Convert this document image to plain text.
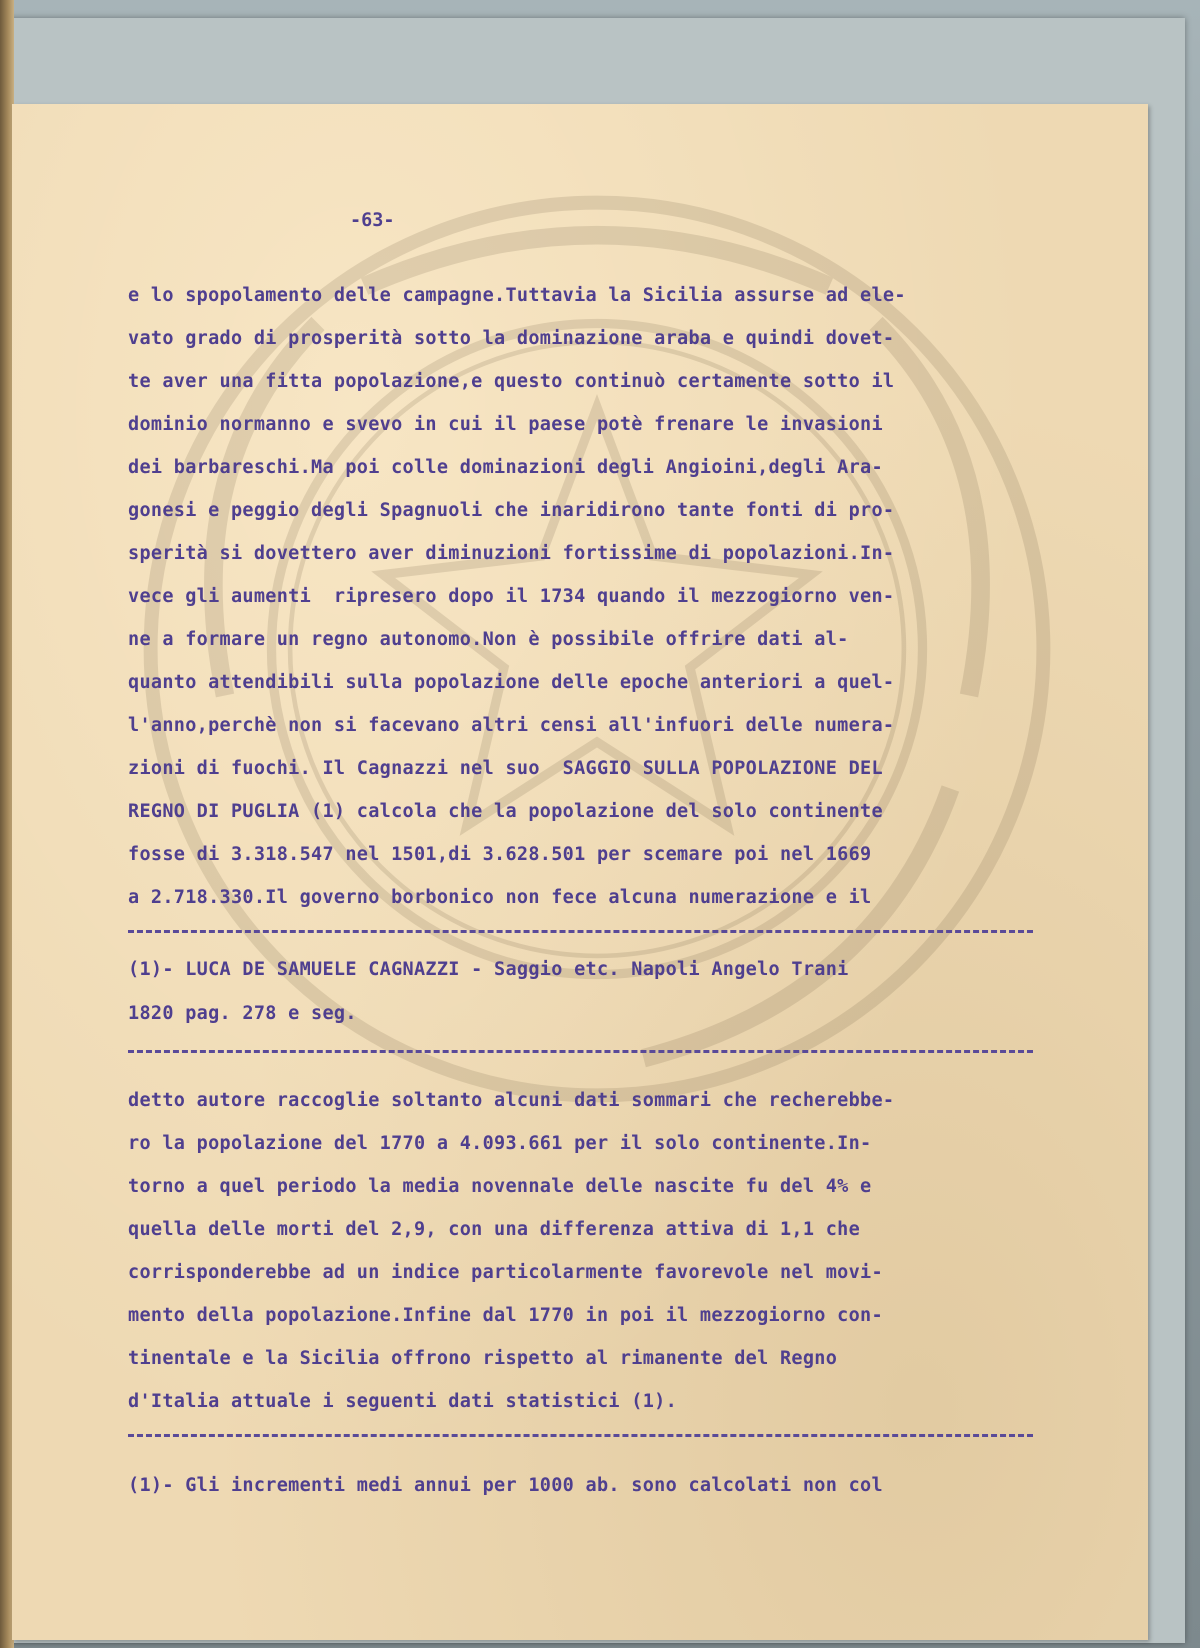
-63-
e lo spopolamento delle campagne.Tuttavia la Sicilia assurse ad ele-
vato grado di prosperità sotto la dominazione araba e quindi dovet-
te aver una fitta popolazione,e questo continuò certamente sotto il
dominio normanno e svevo in cui il paese potè frenare le invasioni
dei barbareschi.Ma poi colle dominazioni degli Angioini,degli Ara-
gonesi e peggio degli Spagnuoli che inaridirono tante fonti di pro-
sperità si dovettero aver diminuzioni fortissime di popolazioni.In-
vece gli aumenti  ripresero dopo il 1734 quando il mezzogiorno ven-
ne a formare un regno autonomo.Non è possibile offrire dati al-
quanto attendibili sulla popolazione delle epoche anteriori a quel-
l'anno,perchè non si facevano altri censi all'infuori delle numera-
zioni di fuochi. Il Cagnazzi nel suo  SAGGIO SULLA POPOLAZIONE DEL
REGNO DI PUGLIA (1) calcola che la popolazione del solo continente
fosse di 3.318.547 nel 1501,di 3.628.501 per scemare poi nel 1669
a 2.718.330.Il governo borbonico non fece alcuna numerazione e il
(1)- LUCA DE SAMUELE CAGNAZZI - Saggio etc. Napoli Angelo Trani
1820 pag. 278 e seg.
detto autore raccoglie soltanto alcuni dati sommari che recherebbe-
ro la popolazione del 1770 a 4.093.661 per il solo continente.In-
torno a quel periodo la media novennale delle nascite fu del 4% e
quella delle morti del 2,9, con una differenza attiva di 1,1 che
corrisponderebbe ad un indice particolarmente favorevole nel movi-
mento della popolazione.Infine dal 1770 in poi il mezzogiorno con-
tinentale e la Sicilia offrono rispetto al rimanente del Regno
d'Italia attuale i seguenti dati statistici (1).
(1)- Gli incrementi medi annui per 1000 ab. sono calcolati non col
